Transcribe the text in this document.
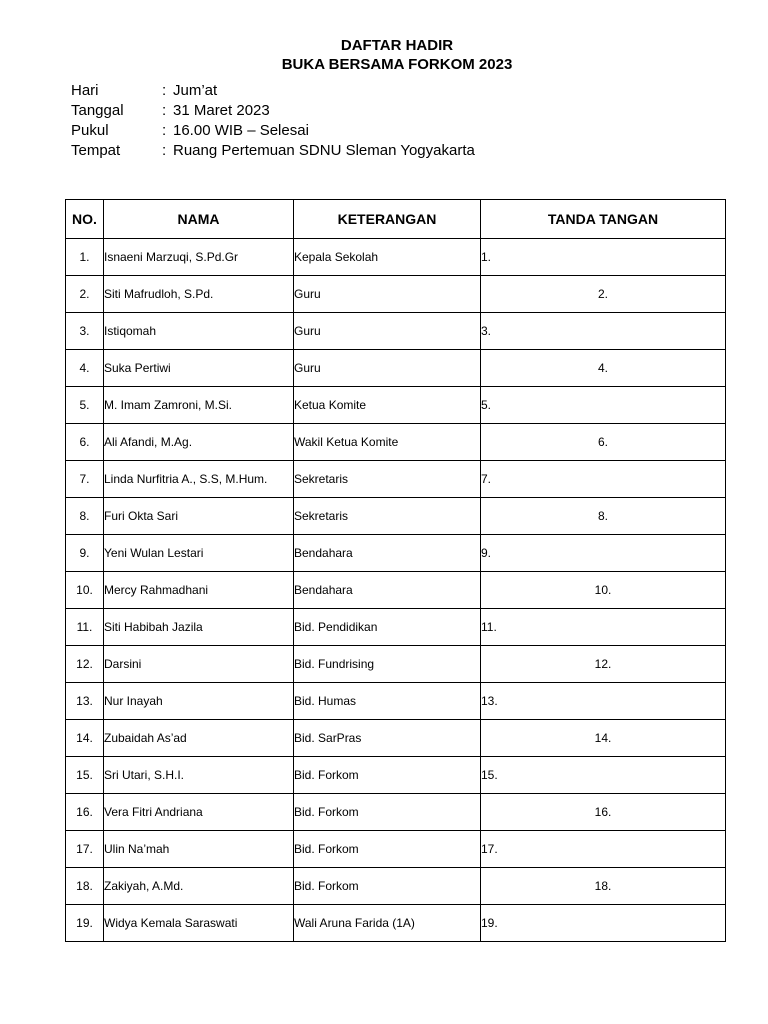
DAFTAR HADIR
BUKA BERSAMA FORKOM 2023
Hari	: Jum’at
Tanggal	: 31 Maret 2023
Pukul	: 16.00 WIB – Selesai
Tempat	: Ruang Pertemuan SDNU Sleman Yogyakarta
NO.	NAMA	KETERANGAN	TANDA TANGAN
1.	Isnaeni Marzuqi, S.Pd.Gr	Kepala Sekolah	1.
2.	Siti Mafrudloh, S.Pd.	Guru	2.
3.	Istiqomah	Guru	3.
4.	Suka Pertiwi	Guru	4.
5.	M. Imam Zamroni, M.Si.	Ketua Komite	5.
6.	Ali Afandi, M.Ag.	Wakil Ketua Komite	6.
7.	Linda Nurfitria A., S.S, M.Hum.	Sekretaris	7.
8.	Furi Okta Sari	Sekretaris	8.
9.	Yeni Wulan Lestari	Bendahara	9.
10.	Mercy Rahmadhani	Bendahara	10.
11.	Siti Habibah Jazila	Bid. Pendidikan	11.
12.	Darsini	Bid. Fundrising	12.
13.	Nur Inayah	Bid. Humas	13.
14.	Zubaidah As’ad	Bid. SarPras	14.
15.	Sri Utari, S.H.I.	Bid. Forkom	15.
16.	Vera Fitri Andriana	Bid. Forkom	16.
17.	Ulin Na’mah	Bid. Forkom	17.
18.	Zakiyah, A.Md.	Bid. Forkom	18.
19.	Widya Kemala Saraswati	Wali Aruna Farida (1A)	19.
